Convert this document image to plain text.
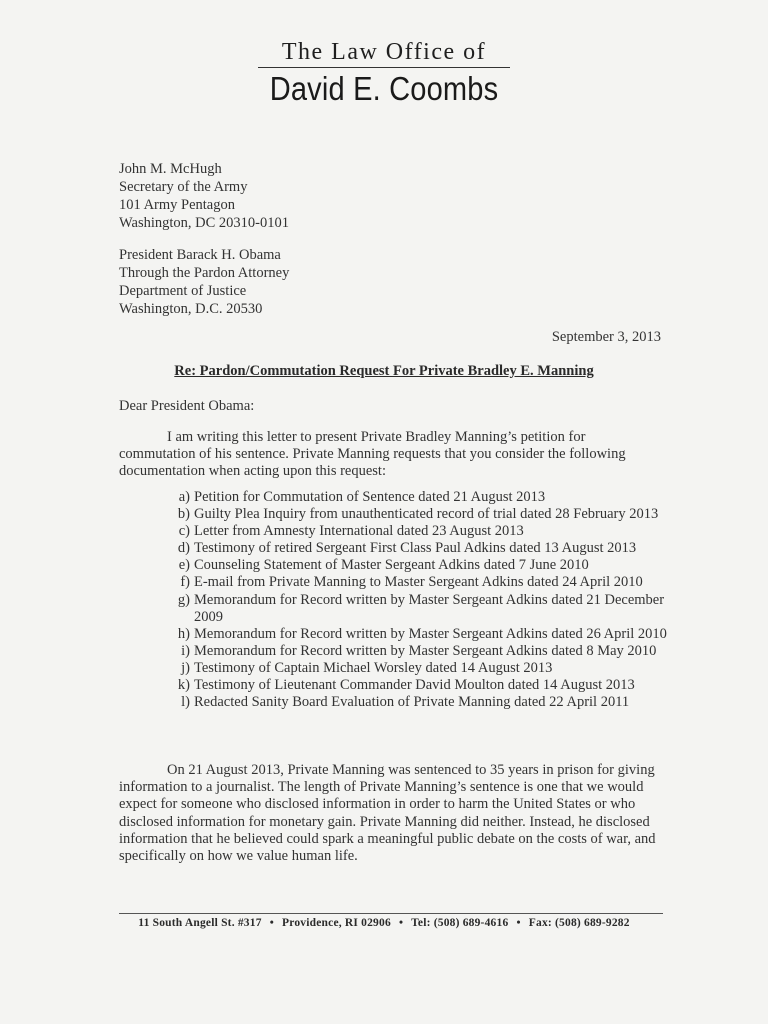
The Law Office of
David E. Coombs
John M. McHugh
Secretary of the Army
101 Army Pentagon
Washington, DC 20310-0101
President Barack H. Obama
Through the Pardon Attorney
Department of Justice
Washington, D.C. 20530
September 3, 2013
Re: Pardon/Commutation Request For Private Bradley E. Manning
Dear President Obama:
I am writing this letter to present Private Bradley Manning’s petition for commutation of his sentence. Private Manning requests that you consider the following documentation when acting upon this request:
a) Petition for Commutation of Sentence dated 21 August 2013
b) Guilty Plea Inquiry from unauthenticated record of trial dated 28 February 2013
c) Letter from Amnesty International dated 23 August 2013
d) Testimony of retired Sergeant First Class Paul Adkins dated 13 August 2013
e) Counseling Statement of Master Sergeant Adkins dated 7 June 2010
f) E-mail from Private Manning to Master Sergeant Adkins dated 24 April 2010
g) Memorandum for Record written by Master Sergeant Adkins dated 21 December 2009
h) Memorandum for Record written by Master Sergeant Adkins dated 26 April 2010
i) Memorandum for Record written by Master Sergeant Adkins dated 8 May 2010
j) Testimony of Captain Michael Worsley dated 14 August 2013
k) Testimony of Lieutenant Commander David Moulton dated 14 August 2013
l) Redacted Sanity Board Evaluation of Private Manning dated 22 April 2011
On 21 August 2013, Private Manning was sentenced to 35 years in prison for giving information to a journalist. The length of Private Manning’s sentence is one that we would expect for someone who disclosed information in order to harm the United States or who disclosed information for monetary gain. Private Manning did neither. Instead, he disclosed information that he believed could spark a meaningful public debate on the costs of war, and specifically on how we value human life.
11 South Angell St. #317 • Providence, RI 02906 • Tel: (508) 689-4616 • Fax: (508) 689-9282
